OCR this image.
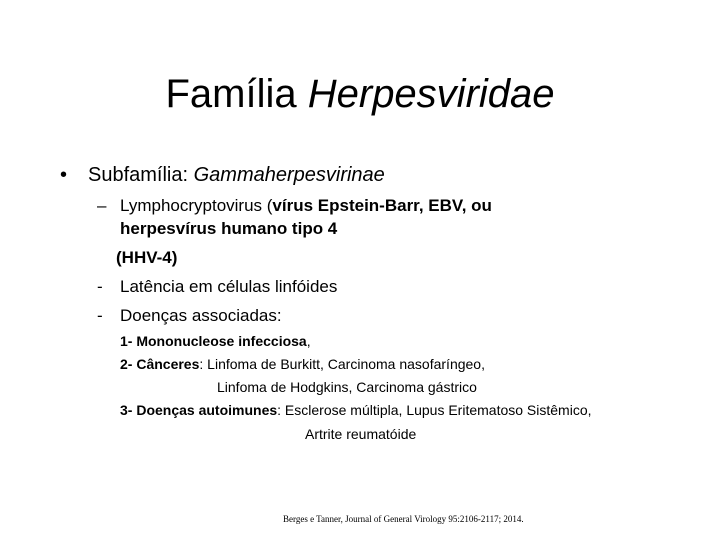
Família Herpesviridae
• Subfamília: Gammaherpesvirinae
– Lymphocryptovirus (vírus Epstein-Barr, EBV, ou
herpesvírus humano tipo 4
(HHV-4)
- Latência em células linfóides
- Doenças associadas:
1- Mononucleose infecciosa,
2- Cânceres: Linfoma de Burkitt, Carcinoma nasofaríngeo,
Linfoma de Hodgkins, Carcinoma gástrico
3- Doenças autoimunes: Esclerose múltipla, Lupus Eritematoso Sistêmico,
Artrite reumatóide
Berges e Tanner, Journal of General Virology 95:2106-2117; 2014.
